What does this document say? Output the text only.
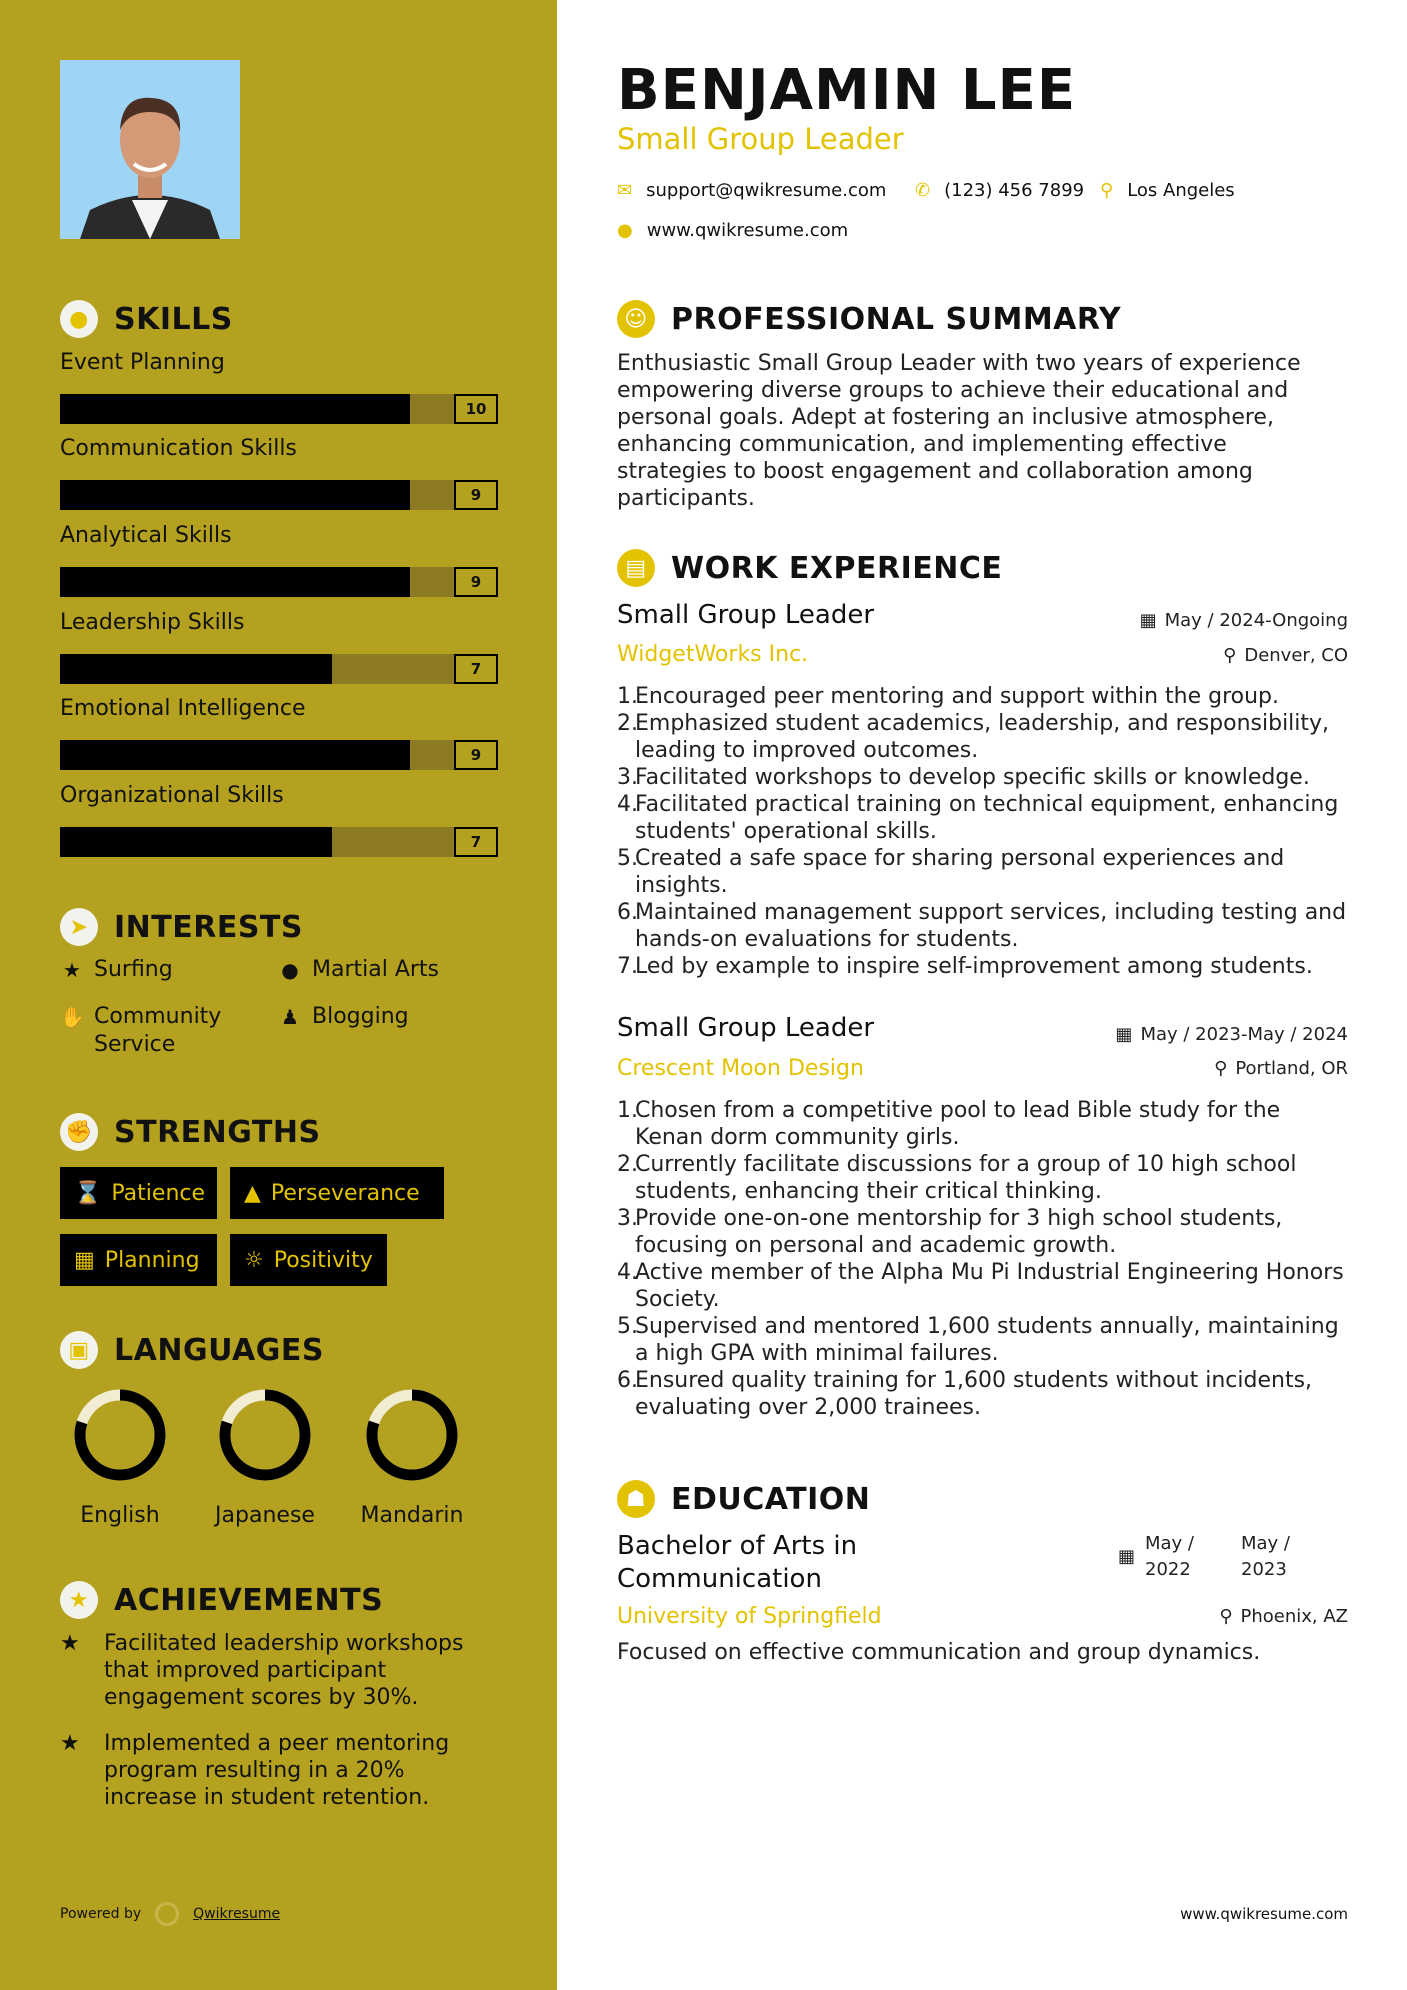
● SKILLS
Event Planning
10
Communication Skills
9
Analytical Skills
9
Leadership Skills
7
Emotional Intelligence
9
Organizational Skills
7
➤ INTERESTS
★ Surfing	● Martial Arts
✋ Community Service
♟ Blogging
✊ STRENGTHS
⌛ Patience ▲ Perseverance
▦ Planning ☼ Positivity
▣ LANGUAGES
English	Japanese	Mandarin
★ ACHIEVEMENTS
★	Facilitated leadership workshops that improved participant engagement scores by 30%.
★	Implemented a peer mentoring program resulting in a 20% increase in student retention.
Powered by	Qwikresume
BENJAMIN LEE
Small Group Leader
✉ support@qwikresume.com ✆ (123) 456 7899 ⚲ Los Angeles
● www.qwikresume.com
☺ PROFESSIONAL SUMMARY
Enthusiastic Small Group Leader with two years of experience empowering diverse groups to achieve their educational and personal goals. Adept at fostering an inclusive atmosphere, enhancing communication, and implementing effective strategies to boost engagement and collaboration among participants.
▤ WORK EXPERIENCE
Small Group Leader	▦ May / 2024-Ongoing
WidgetWorks Inc.	⚲ Denver, CO
1.
Encouraged peer mentoring and support within the group.
2.
Emphasized student academics, leadership, and responsibility, leading to improved outcomes.
3.
Facilitated workshops to develop specific skills or knowledge.
4.
Facilitated practical training on technical equipment, enhancing students' operational skills.
5.
Created a safe space for sharing personal experiences and insights.
6.
Maintained management support services, including testing and hands-on evaluations for students.
7.
Led by example to inspire self-improvement among students.
Small Group Leader	▦ May / 2023-May / 2024
Crescent Moon Design	⚲ Portland, OR
1.
Chosen from a competitive pool to lead Bible study for the Kenan dorm community girls.
2.
Currently facilitate discussions for a group of 10 high school students, enhancing their critical thinking.
3.
Provide one-on-one mentorship for 3 high school students, focusing on personal and academic growth.
4.
Active member of the Alpha Mu Pi Industrial Engineering Honors Society.
5.
Supervised and mentored 1,600 students annually, maintaining a high GPA with minimal failures.
6.
Ensured quality training for 1,600 students without incidents, evaluating over 2,000 trainees.
☗ EDUCATION
Bachelor of Arts in Communication
▦
May / 2022
May / 2023
University of Springfield	⚲ Phoenix, AZ
Focused on effective communication and group dynamics.
www.qwikresume.com
